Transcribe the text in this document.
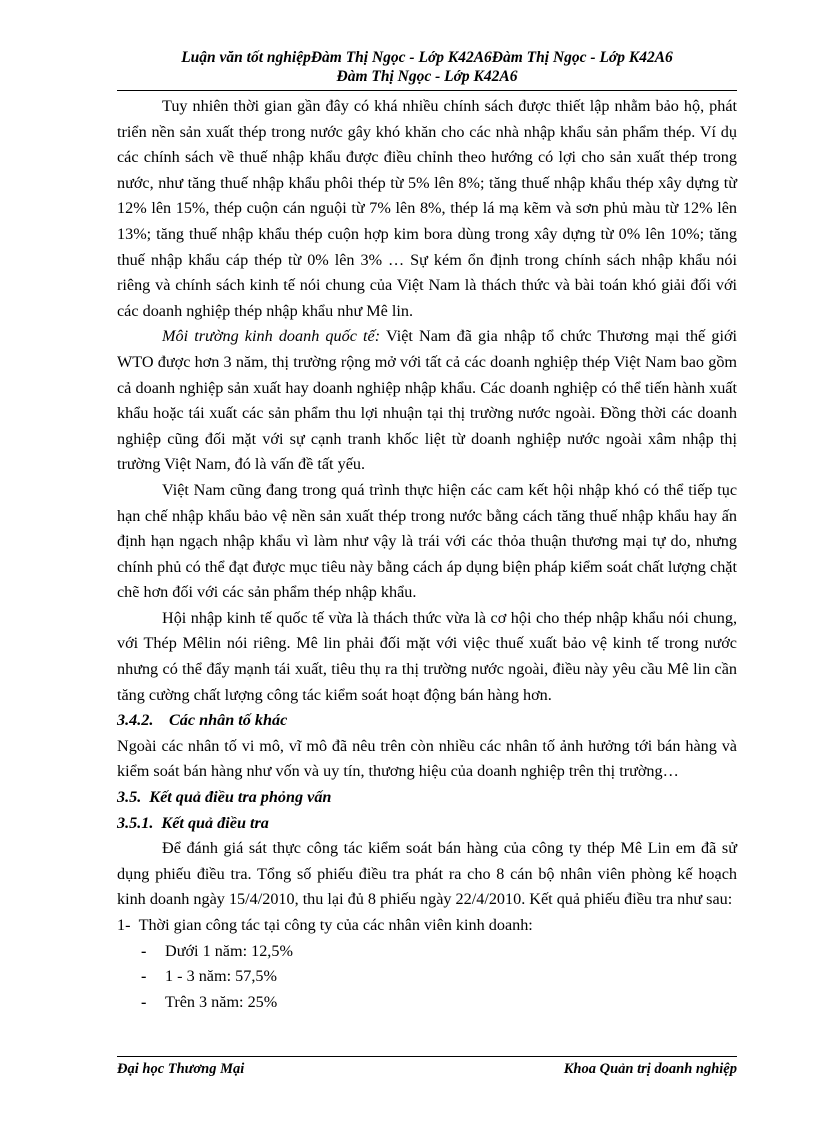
Luận văn tốt nghiệpĐàm Thị Ngọc - Lớp K42A6Đàm Thị Ngọc - Lớp K42A6
Đàm Thị Ngọc - Lớp K42A6

Tuy nhiên thời gian gần đây có khá nhiều chính sách được thiết lập nhằm bảo hộ, phát triển nền sản xuất thép trong nước gây khó khăn cho các nhà nhập khẩu sản phẩm thép. Ví dụ các chính sách về thuế nhập khẩu được điều chỉnh theo hướng có lợi cho sản xuất thép trong nước, như tăng thuế nhập khẩu phôi thép từ 5% lên 8%; tăng thuế nhập khẩu thép xây dựng từ 12% lên 15%, thép cuộn cán nguội từ 7% lên 8%, thép lá mạ kẽm và sơn phủ màu từ 12% lên 13%; tăng thuế nhập khẩu thép cuộn hợp kim bora dùng trong xây dựng từ 0% lên 10%; tăng thuế nhập khẩu cáp thép từ 0% lên 3% … Sự kém ổn định trong chính sách nhập khẩu nói riêng và chính sách kinh tế nói chung của Việt Nam là thách thức và bài toán khó giải đối với các doanh nghiệp thép nhập khẩu như Mê lin.

Môi trường kinh doanh quốc tế: Việt Nam đã gia nhập tổ chức Thương mại thế giới WTO được hơn 3 năm, thị trường rộng mở với tất cả các doanh nghiệp thép Việt Nam bao gồm cả doanh nghiệp sản xuất hay doanh nghiệp nhập khẩu. Các doanh nghiệp có thể tiến hành xuất khẩu hoặc tái xuất các sản phẩm thu lợi nhuận tại thị trường nước ngoài. Đồng thời các doanh nghiệp cũng đối mặt với sự cạnh tranh khốc liệt từ doanh nghiệp nước ngoài xâm nhập thị trường Việt Nam, đó là vấn đề tất yếu.

Việt Nam cũng đang trong quá trình thực hiện các cam kết hội nhập khó có thể tiếp tục hạn chế nhập khẩu bảo vệ nền sản xuất thép trong nước bằng cách tăng thuế nhập khẩu hay ấn định hạn ngạch nhập khẩu vì làm như vậy là trái với các thỏa thuận thương mại tự do, nhưng chính phủ có thể đạt được mục tiêu này bằng cách áp dụng biện pháp kiểm soát chất lượng chặt chẽ hơn đối với các sản phẩm thép nhập khẩu.

Hội nhập kinh tế quốc tế vừa là thách thức vừa là cơ hội cho thép nhập khẩu nói chung, với Thép Mêlin nói riêng. Mê lin phải đối mặt với việc thuế xuất bảo vệ kinh tế trong nước nhưng có thể đẩy mạnh tái xuất, tiêu thụ ra thị trường nước ngoài, điều này yêu cầu Mê lin cần tăng cường chất lượng công tác kiểm soát hoạt động bán hàng hơn.

3.4.2. Các nhân tố khác

Ngoài các nhân tố vi mô, vĩ mô đã nêu trên còn nhiều các nhân tố ảnh hưởng tới bán hàng và kiểm soát bán hàng như vốn và uy tín, thương hiệu của doanh nghiệp trên thị trường…

3.5. Kết quả điều tra phỏng vấn

3.5.1. Kết quả điều tra

Để đánh giá sát thực công tác kiểm soát bán hàng của công ty thép Mê Lin em đã sử dụng phiếu điều tra. Tổng số phiếu điều tra phát ra cho 8 cán bộ nhân viên phòng kế hoạch kinh doanh ngày 15/4/2010, thu lại đủ 8 phiếu ngày 22/4/2010. Kết quả phiếu điều tra như sau:

1- Thời gian công tác tại công ty của các nhân viên kinh doanh:

- Dưới 1 năm: 12,5%

- 1 - 3 năm: 57,5%

- Trên 3 năm: 25%

Đại học Thương Mại	Khoa Quản trị doanh nghiệp
